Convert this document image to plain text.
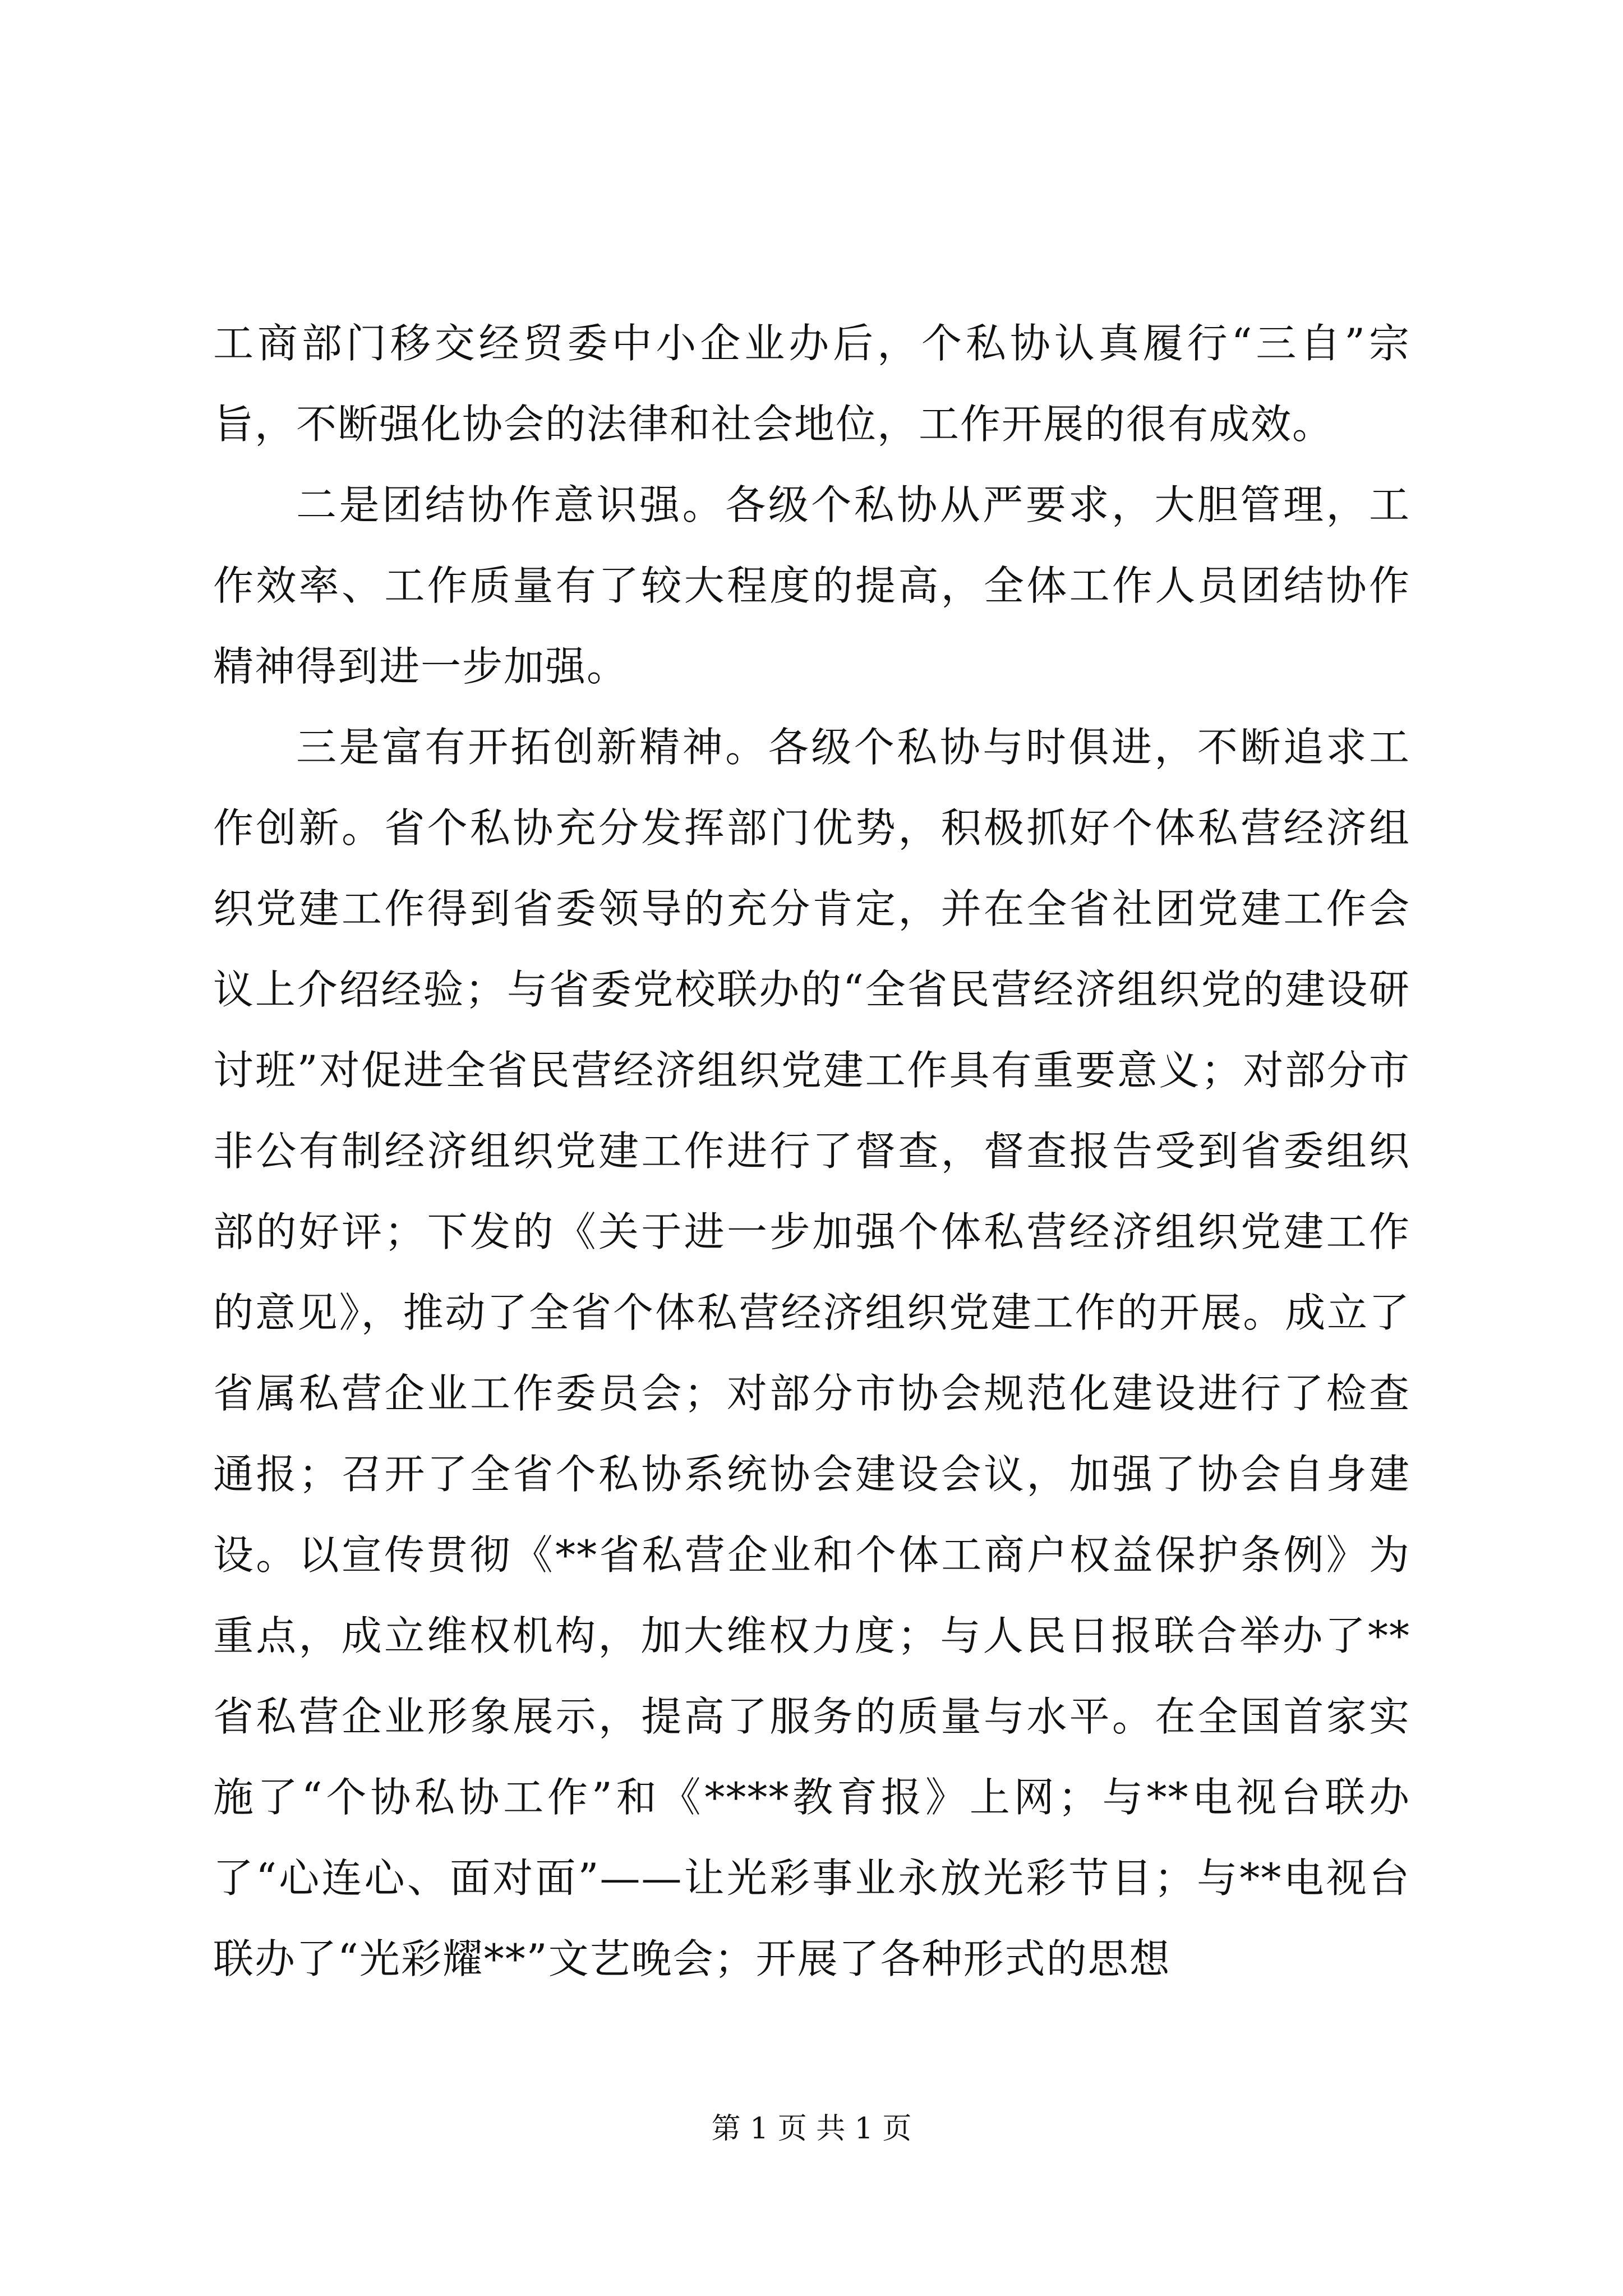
工商部门移交经贸委中小企业办后，个私协认真履行“三自”宗旨，不断强化协会的法律和社会地位，工作开展的很有成效。

二是团结协作意识强。各级个私协从严要求，大胆管理，工作效率、工作质量有了较大程度的提高，全体工作人员团结协作精神得到进一步加强。

三是富有开拓创新精神。各级个私协与时俱进，不断追求工作创新。省个私协充分发挥部门优势，积极抓好个体私营经济组织党建工作得到省委领导的充分肯定，并在全省社团党建工作会议上介绍经验；与省委党校联办的“全省民营经济组织党的建设研讨班”对促进全省民营经济组织党建工作具有重要意义；对部分市非公有制经济组织党建工作进行了督查，督查报告受到省委组织部的好评；下发的《关于进一步加强个体私营经济组织党建工作的意见》，推动了全省个体私营经济组织党建工作的开展。成立了省属私营企业工作委员会；对部分市协会规范化建设进行了检查通报；召开了全省个私协系统协会建设会议，加强了协会自身建设。以宣传贯彻《**省私营企业和个体工商户权益保护条例》为重点，成立维权机构，加大维权力度；与人民日报联合举办了**省私营企业形象展示，提高了服务的质量与水平。在全国首家实施了“个协私协工作”和《****教育报》上网；与**电视台联办了“心连心、面对面”——让光彩事业永放光彩节目；与**电视台联办了“光彩耀**”文艺晚会；开展了各种形式的思想

第 1 页 共 1 页
